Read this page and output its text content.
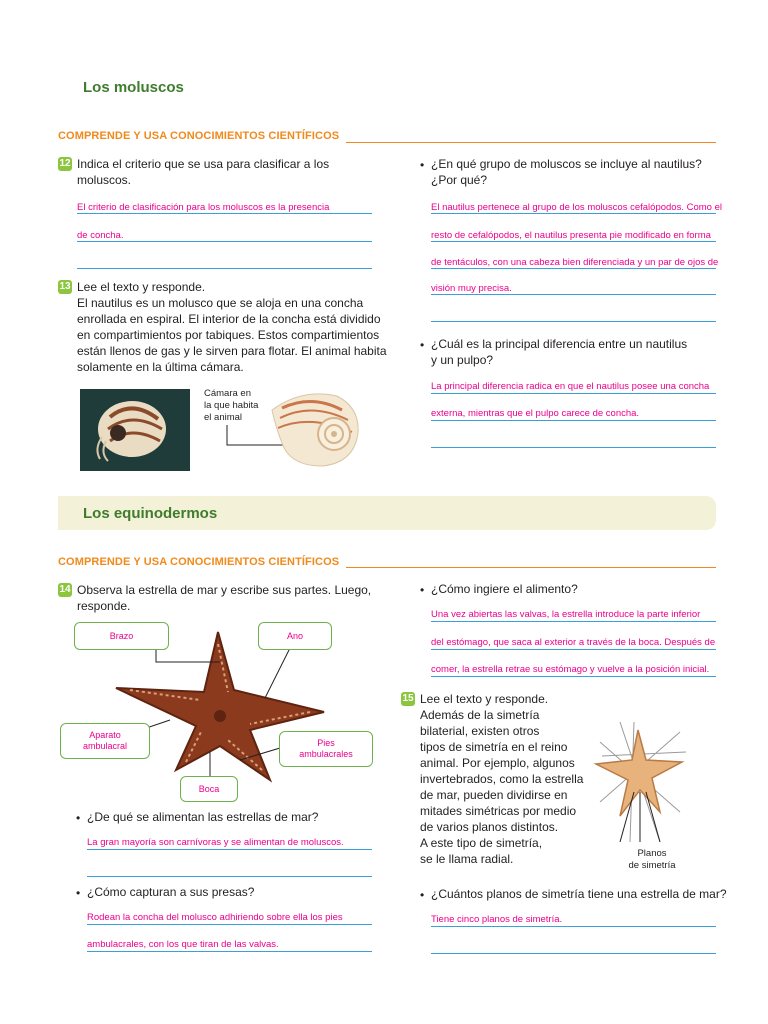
Los moluscos
COMPRENDE Y USA CONOCIMIENTOS CIENTÍFICOS
12 Indica el criterio que se usa para clasificar a los
moluscos.
El criterio de clasificación para los moluscos es la presencia
de concha.
13 Lee el texto y responde.
El nautilus es un molusco que se aloja en una concha
enrollada en espiral. El interior de la concha está dividido
en compartimientos por tabiques. Estos compartimientos
están llenos de gas y le sirven para flotar. El animal habita
solamente en la última cámara.
Cámara en
la que habita
el animal
• ¿En qué grupo de moluscos se incluye al nautilus?
¿Por qué?
El nautilus pertenece al grupo de los moluscos cefalópodos. Como el
resto de cefalópodos, el nautilus presenta pie modificado en forma
de tentáculos, con una cabeza bien diferenciada y un par de ojos de
visión muy precisa.
• ¿Cuál es la principal diferencia entre un nautilus
y un pulpo?
La principal diferencia radica en que el nautilus posee una concha
externa, mientras que el pulpo carece de concha.
Los equinodermos
COMPRENDE Y USA CONOCIMIENTOS CIENTÍFICOS
14 Observa la estrella de mar y escribe sus partes. Luego,
responde.
Brazo	Ano
Aparato
ambulacral	Pies
ambulacrales
Boca
• ¿De qué se alimentan las estrellas de mar?
La gran mayoría son carnívoras y se alimentan de moluscos.
• ¿Cómo capturan a sus presas?
Rodean la concha del molusco adhiriendo sobre ella los pies
ambulacrales, con los que tiran de las valvas.
• ¿Cómo ingiere el alimento?
Una vez abiertas las valvas, la estrella introduce la parte inferior
del estómago, que saca al exterior a través de la boca. Después de
comer, la estrella retrae su estómago y vuelve a la posición inicial.
15 Lee el texto y responde.
Además de la simetría
bilaterial, existen otros
tipos de simetría en el reino
animal. Por ejemplo, algunos
invertebrados, como la estrella
de mar, pueden dividirse en
mitades simétricas por medio
de varios planos distintos.
A este tipo de simetría,
se le llama radial.	Planos
de simetría
• ¿Cuántos planos de simetría tiene una estrella de mar?
Tiene cinco planos de simetría.
